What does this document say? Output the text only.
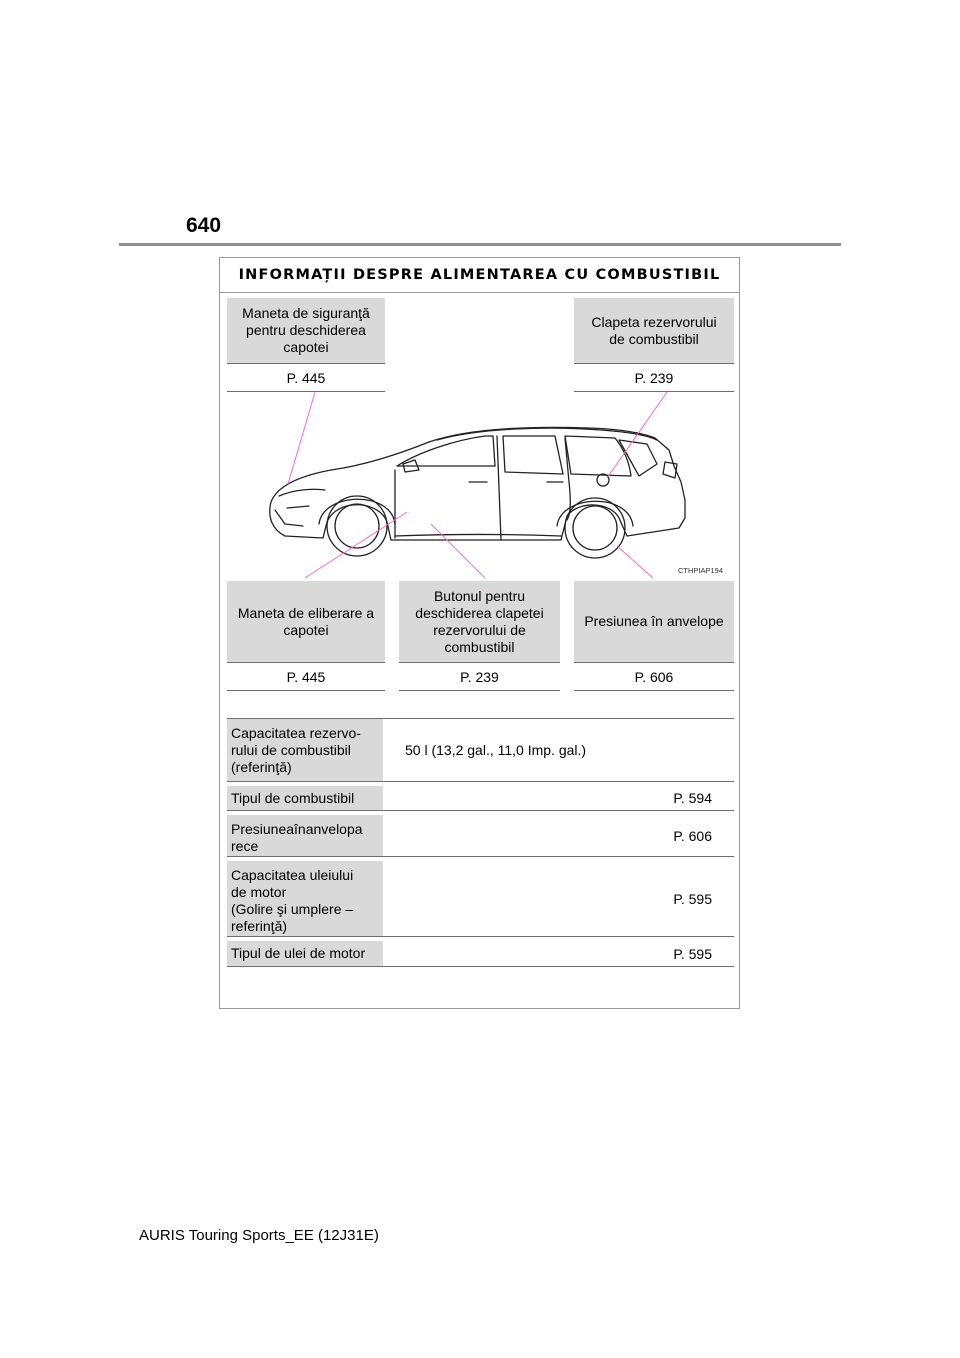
640
INFORMAȚII DESPRE ALIMENTAREA CU COMBUSTIBIL
Maneta de siguranţă
pentru deschiderea
capotei
P. 445
Clapeta rezervorului
de combustibil
P. 239
CTHPIAP194
Maneta de eliberare a
capotei
P. 445
Butonul pentru
deschiderea clapetei
rezervorului de
combustibil
P. 239
Presiunea în anvelope
P. 606
Capacitatea rezervo-
rului de combustibil
(referinţă)
50 l (13,2 gal., 11,0 Imp. gal.)
Tipul de combustibil	P. 594
Presiuneaînanvelopa
rece
P. 606
Capacitatea uleiului
de motor
(Golire şi umplere –
referinţă)
P. 595
Tipul de ulei de motor	P. 595
AURIS Touring Sports_EE (12J31E)
